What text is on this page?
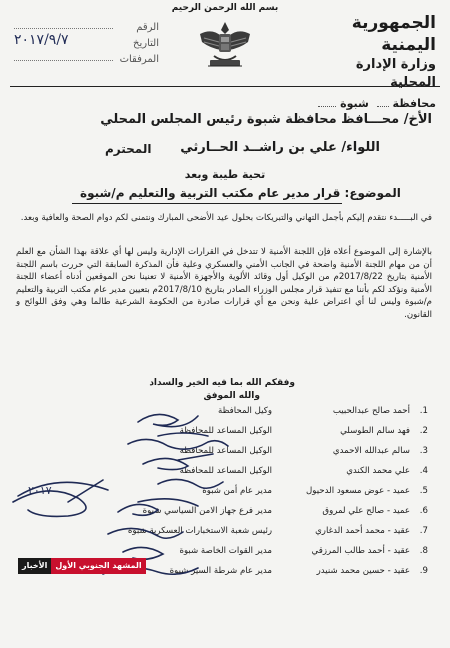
الجمهورية اليمنية
وزارة الإدارة المحلية
محافظة  شبوة
بسم الله الرحمن الرحيم
الرقم
التاريخ
٢٠١٧/٩/٧
المرفقات
الأخ/ محـــافظ محافظة شبوة رئيس المجلس المحلي
اللواء/ علي بن راشــد الحــارثي
المحترم
تحية طيبة وبعد
الموضوع: قرار مدير عام مكتب التربية والتعليم م/شبوة
في البـــــدء نتقدم إليكم بأجمل التهاني والتبريكات بحلول عيد الأضحى المبارك ونتمنى لكم دوام الصحة والعافية وبعد.
بالإشارة إلى الموضوع أعلاه فإن اللجنة الأمنية لا تتدخل في القرارات الإدارية وليس لها أي علاقة بهذا الشأن مع العلم أن من مهام اللجنة الأمنية واضحة في الجانب الأمني والعسكري وعلية فأن المذكرة السابقة التي حررت باسم اللجنة الأمنية بتاريخ 2017/8/22م من الوكيل أول وقائد الألوية والأجهزة الأمنية لا تعنينا نحن الموقعين أدناه أعضاء اللجنة الأمنية ونؤكد لكم بأننا مع تنفيذ قرار مجلس الوزراء الصادر بتاريخ 2017/8/10م بتعيين مدير عام مكتب التربية والتعليم م/شبوة وليس لنا أي اعتراض علية ونحن مع أي قرارات صادرة من الحكومة الشرعية طالما وهي وفق اللوائح و القانون.
وفقكم الله بما فيه الخير والسداد
والله الموفق
1.
أحمد صالح عبدالحبيب
وكيل المحافظة
2.
فهد سالم الطوسلي
الوكيل المساعد للمحافظة
3.
سالم عبدالله الاحمدي
الوكيل المساعد للمحافظة
4.
علي محمد الكندي
الوكيل المساعد للمحافظة
5.
عميد - عوض مسعود الدحيول
مدير عام أمن شبوة
6.
عميد - صالح علي لمروق
مدير فرع جهاز الامن السياسي شبوة
7.
عقيد - محمد أحمد الدغاري
رئيس شعبة الاستخبارات العسكرية شبوة
8.
عقيد - أحمد طالب المرزقي
مدير القوات الخاصة شبوة
9.
عقيد - حسين محمد شنيدر
مدير عام شرطة السير شبوة
٢٠١٧
الأخبار	المشهد الجنوبي الأول
